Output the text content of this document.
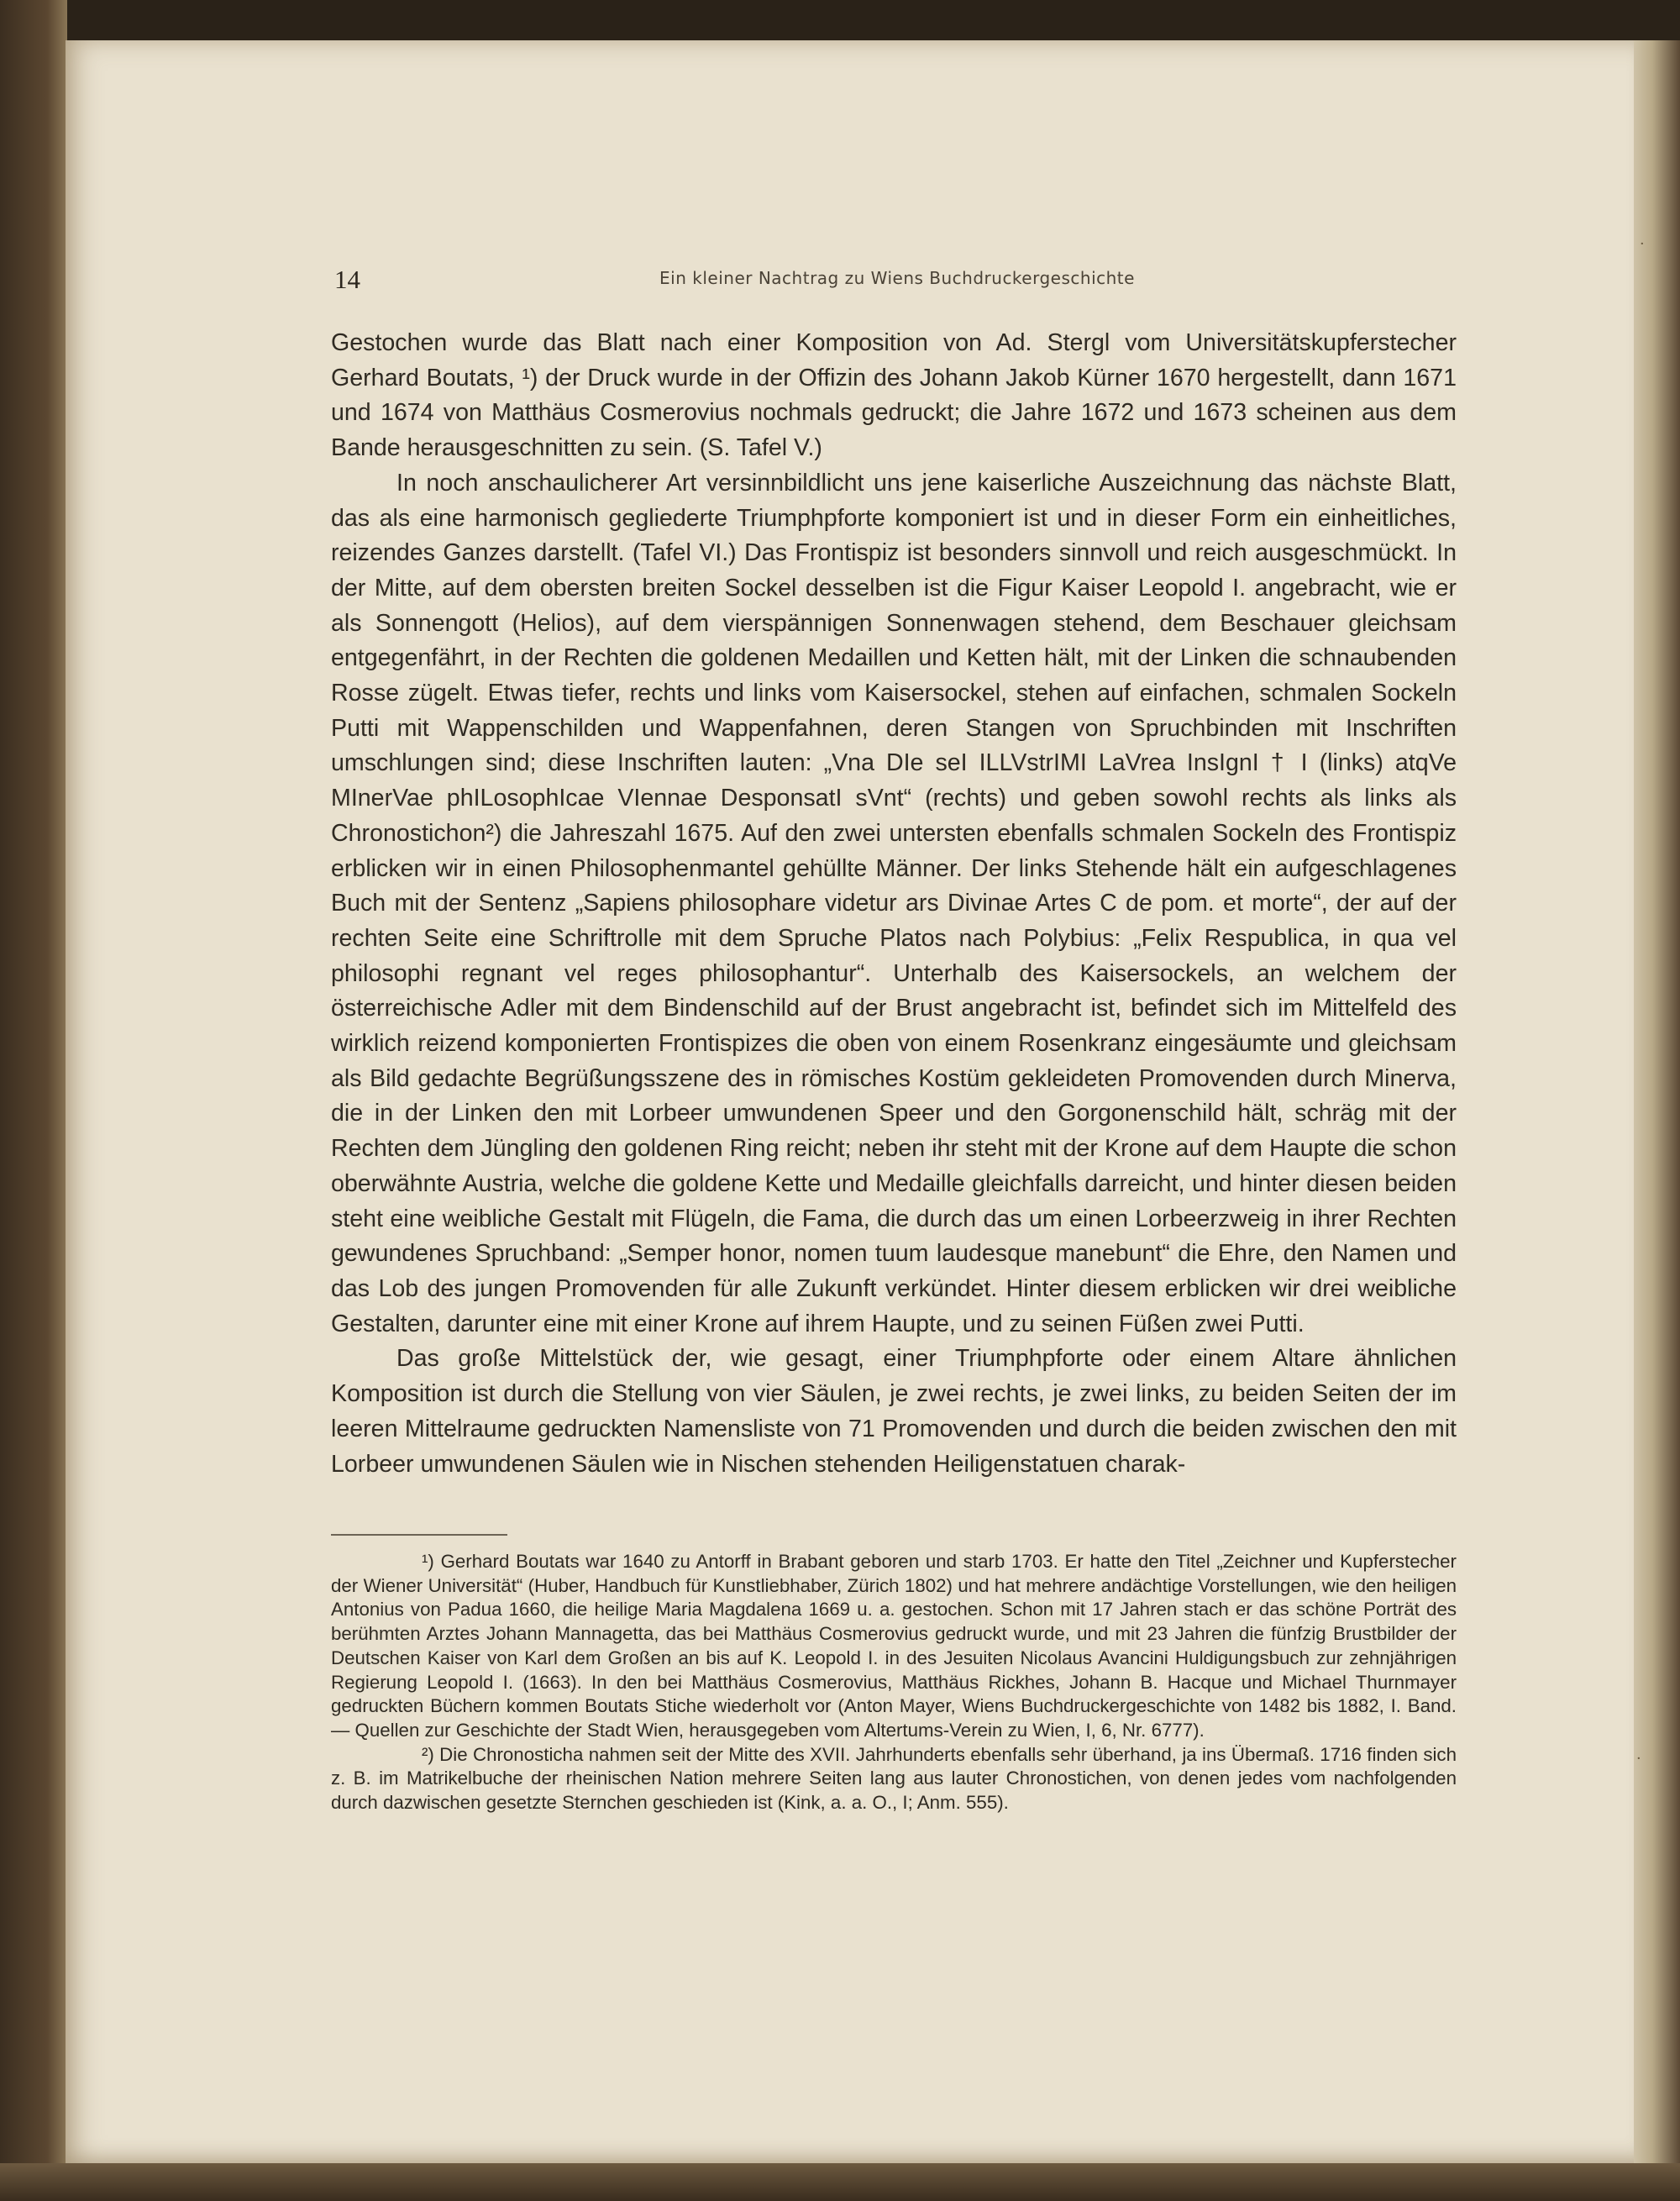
·
·
14	Ein kleiner Nachtrag zu Wiens Buchdruckergeschichte

Gestochen wurde das Blatt nach einer Komposition von Ad. Stergl vom Universitätskupferstecher Gerhard Boutats, ¹) der Druck wurde in der Offizin des Johann Jakob Kürner 1670 hergestellt, dann 1671 und 1674 von Matthäus Cosmerovius nochmals gedruckt; die Jahre 1672 und 1673 scheinen aus dem Bande herausgeschnitten zu sein. (S. Tafel V.)

In noch anschaulicherer Art versinnbildlicht uns jene kaiserliche Auszeichnung das nächste Blatt, das als eine harmonisch gegliederte Triumphpforte komponiert ist und in dieser Form ein einheitliches, reizendes Ganzes darstellt. (Tafel VI.) Das Frontispiz ist besonders sinnvoll und reich ausgeschmückt. In der Mitte, auf dem obersten breiten Sockel desselben ist die Figur Kaiser Leopold I. angebracht, wie er als Sonnengott (Helios), auf dem vierspännigen Sonnenwagen stehend, dem Beschauer gleichsam entgegenfährt, in der Rechten die goldenen Medaillen und Ketten hält, mit der Linken die schnaubenden Rosse zügelt. Etwas tiefer, rechts und links vom Kaisersockel, stehen auf einfachen, schmalen Sockeln Putti mit Wappenschilden und Wappenfahnen, deren Stangen von Spruchbinden mit Inschriften umschlungen sind; diese Inschriften lauten: „Vna DIe seI ILLVstrIMI LaVrea InsIgnI † I (links) atqVe MInerVae phILosophIcae VIennae DesponsatI sVnt“ (rechts) und geben sowohl rechts als links als Chronostichon²) die Jahreszahl 1675. Auf den zwei untersten ebenfalls schmalen Sockeln des Frontispiz erblicken wir in einen Philosophenmantel gehüllte Männer. Der links Stehende hält ein aufgeschlagenes Buch mit der Sentenz „Sapiens philosophare videtur ars Divinae Artes C de pom. et morte“, der auf der rechten Seite eine Schriftrolle mit dem Spruche Platos nach Polybius: „Felix Respublica, in qua vel philosophi regnant vel reges philosophantur“. Unterhalb des Kaisersockels, an welchem der österreichische Adler mit dem Bindenschild auf der Brust angebracht ist, befindet sich im Mittelfeld des wirklich reizend komponierten Frontispizes die oben von einem Rosenkranz eingesäumte und gleichsam als Bild gedachte Begrüßungsszene des in römisches Kostüm gekleideten Promovenden durch Minerva, die in der Linken den mit Lorbeer umwundenen Speer und den Gorgonenschild hält, schräg mit der Rechten dem Jüngling den goldenen Ring reicht; neben ihr steht mit der Krone auf dem Haupte die schon oberwähnte Austria, welche die goldene Kette und Medaille gleichfalls darreicht, und hinter diesen beiden steht eine weibliche Gestalt mit Flügeln, die Fama, die durch das um einen Lorbeerzweig in ihrer Rechten gewundenes Spruchband: „Semper honor, nomen tuum laudesque manebunt“ die Ehre, den Namen und das Lob des jungen Promovenden für alle Zukunft verkündet. Hinter diesem erblicken wir drei weibliche Gestalten, darunter eine mit einer Krone auf ihrem Haupte, und zu seinen Füßen zwei Putti.

Das große Mittelstück der, wie gesagt, einer Triumphpforte oder einem Altare ähnlichen Komposition ist durch die Stellung von vier Säulen, je zwei rechts, je zwei links, zu beiden Seiten der im leeren Mittelraume gedruckten Namensliste von 71 Promovenden und durch die beiden zwischen den mit Lorbeer umwundenen Säulen wie in Nischen stehenden Heiligenstatuen charak-

¹) Gerhard Boutats war 1640 zu Antorff in Brabant geboren und starb 1703. Er hatte den Titel „Zeichner und Kupferstecher der Wiener Universität“ (Huber, Handbuch für Kunstliebhaber, Zürich 1802) und hat mehrere andächtige Vorstellungen, wie den heiligen Antonius von Padua 1660, die heilige Maria Magdalena 1669 u. a. gestochen. Schon mit 17 Jahren stach er das schöne Porträt des berühmten Arztes Johann Mannagetta, das bei Matthäus Cosmerovius gedruckt wurde, und mit 23 Jahren die fünfzig Brustbilder der Deutschen Kaiser von Karl dem Großen an bis auf K. Leopold I. in des Jesuiten Nicolaus Avancini Huldigungsbuch zur zehnjährigen Regierung Leopold I. (1663). In den bei Matthäus Cosmerovius, Matthäus Rickhes, Johann B. Hacque und Michael Thurnmayer gedruckten Büchern kommen Boutats Stiche wiederholt vor (Anton Mayer, Wiens Buchdruckergeschichte von 1482 bis 1882, I. Band. — Quellen zur Geschichte der Stadt Wien, herausgegeben vom Altertums-Verein zu Wien, I, 6, Nr. 6777).

²) Die Chronosticha nahmen seit der Mitte des XVII. Jahrhunderts ebenfalls sehr überhand, ja ins Übermaß. 1716 finden sich z. B. im Matrikelbuche der rheinischen Nation mehrere Seiten lang aus lauter Chronostichen, von denen jedes vom nachfolgenden durch dazwischen gesetzte Sternchen geschieden ist (Kink, a. a. O., I; Anm. 555).
